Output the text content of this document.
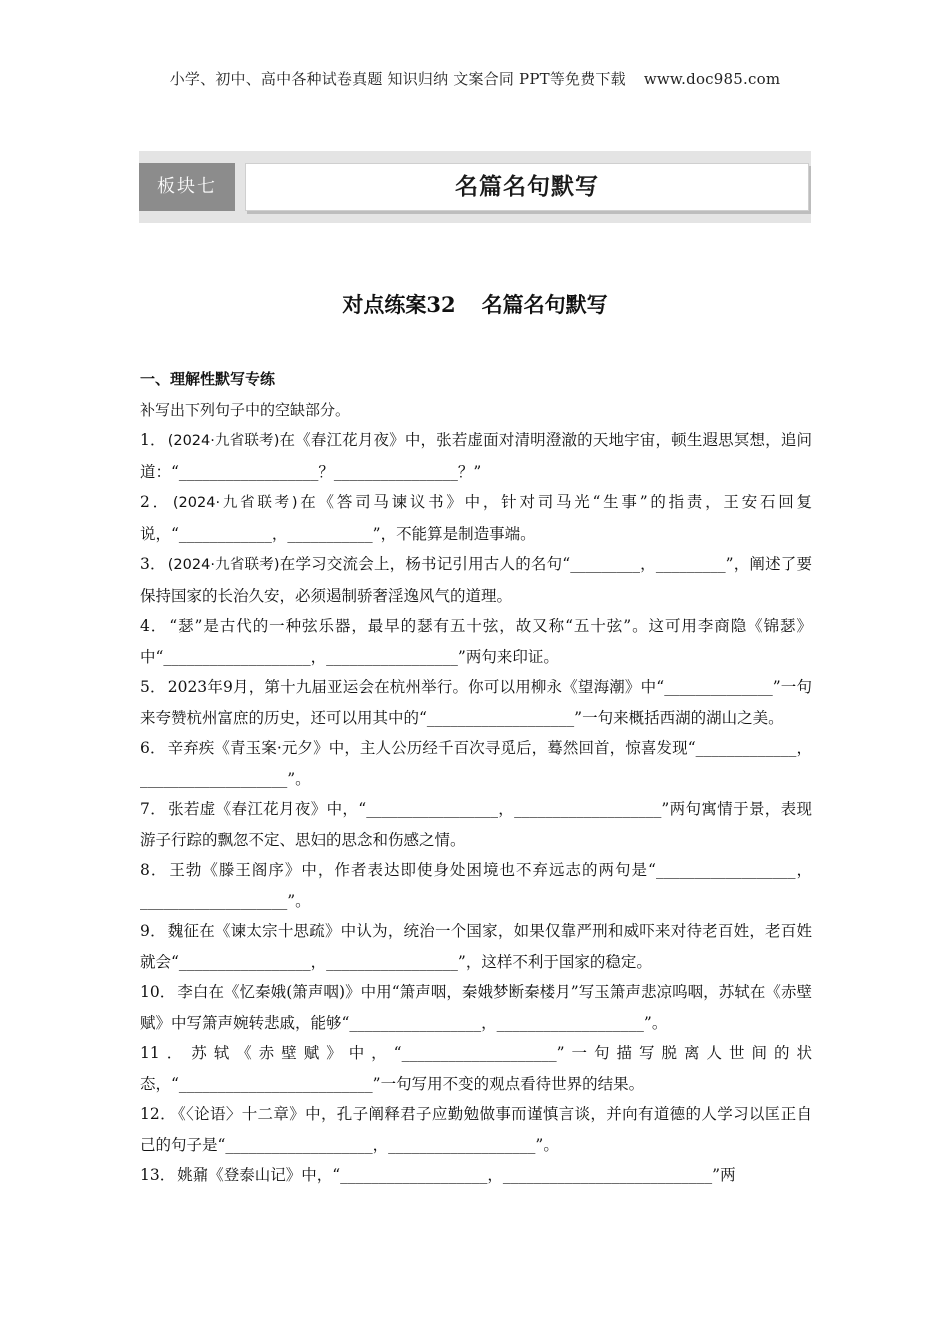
小学、初中、高中各种试卷真题 知识归纳 文案合同 PPT等免费下载 www.doc985.com
板块七	名篇名句默写
对点练案32 名篇名句默写
一、理解性默写专练
补写出下列句子中的空缺部分。

1． (2024·九省联考)在《春江花月夜》中，张若虚面对清明澄澈的天地宇宙，顿生遐思冥想，追问道：“__________________？________________？”

2． (2024·九省联考)在《答司马谏议书》中，针对司马光“生事”的指责，王安石回复说，“____________，___________”，不能算是制造事端。

3． (2024·九省联考)在学习交流会上，杨书记引用古人的名句“_________，_________”，阐述了要保持国家的长治久安，必须遏制骄奢淫逸风气的道理。

4． “瑟”是古代的一种弦乐器，最早的瑟有五十弦，故又称“五十弦”。这可用李商隐《锦瑟》中“___________________，_________________”两句来印证。

5． 2023年9月，第十九届亚运会在杭州举行。你可以用柳永《望海潮》中“______________”一句来夸赞杭州富庶的历史，还可以用其中的“___________________”一句来概括西湖的湖山之美。

6． 辛弃疾《青玉案·元夕》中，主人公历经千百次寻觅后，蓦然回首，惊喜发现“_____________，___________________”。

7． 张若虚《春江花月夜》中，“_________________，___________________”两句寓情于景，表现游子行踪的飘忽不定、思妇的思念和伤感之情。

8． 王勃《滕王阁序》中，作者表达即使身处困境也不弃远志的两句是“__________________，___________________”。

9． 魏征在《谏太宗十思疏》中认为，统治一个国家，如果仅靠严刑和威吓来对待老百姓，老百姓就会“_________________，_________________”，这样不利于国家的稳定。

10． 李白在《忆秦娥(箫声咽)》中用“箫声咽，秦娥梦断秦楼月”写玉箫声悲凉呜咽，苏轼在《赤壁赋》中写箫声婉转悲戚，能够“_________________，___________________”。

11． 苏轼《赤壁赋》中，“____________________”一句描写脱离人世间的状态，“_________________________”一句写用不变的观点看待世界的结果。

12． 《〈论语〉十二章》中，孔子阐释君子应勤勉做事而谨慎言谈，并向有道德的人学习以匡正自己的句子是“___________________，___________________”。

13． 姚鼐《登泰山记》中，“___________________，___________________________”两
